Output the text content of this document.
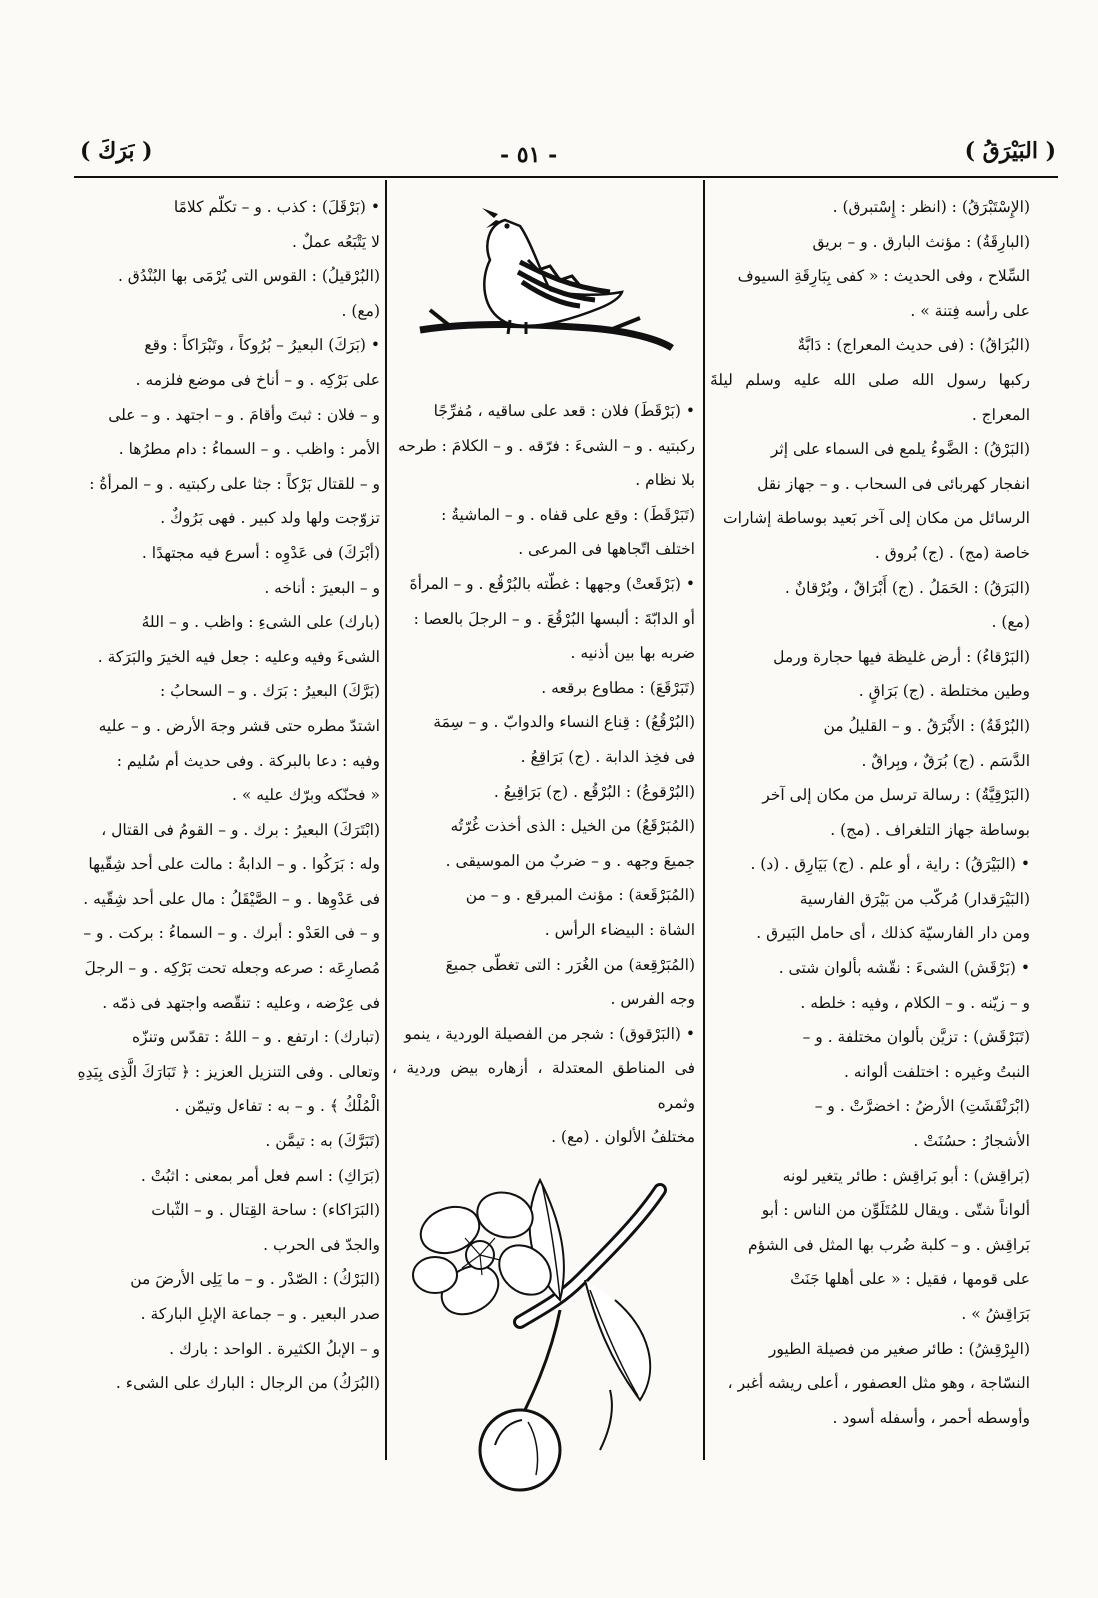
( البَيْرَقُ )
- ٥١ -
( بَرَكَ )

(الإِسْتَبْرَقُ) : (انظر : إِسْتبرق) .

(البارِقَةُ) : مؤنث البارق . و – بريق

السِّلاح ، وفى الحديث : « كفى بِبَارِقَةِ السيوف

على رأسه فِتنة » .

(البُرَاقُ) : (فى حديث المعراج) : دَابَّةٌ

ركبها رسول الله صلى الله عليه وسلم ليلةَ المعراج .

(البَرْقُ) : الضَّوءُ يلمع فى السماء على إثر

انفجار كهربائى فى السحاب . و – جهاز نقل

الرسائل من مكان إلى آخر بَعيد بوساطة إشارات

خاصة (مج) . (ج) بُروق .

(البَرَقُ) : الحَمَلُ . (ج) أَبْرَاقٌ ، وبُرْقانٌ .

(مع) .

(البَرْقاءُ) : أرض غليظة فيها حجارة ورمل

وطين مختلطة . (ج) بَرَاقٍ .

(البُرْقَةُ) : الأَبْرَقُ . و – القليلُ من

الدَّسَم . (ج) بُرَقٌ ، وبِراقٌ .

(البَرْقِيَّةُ) : رسالة ترسل من مكان إلى آخر

بوساطة جهاز التلغراف . (مج) .

• (البَيْرَقُ) : راية ، أو علم . (ج) بَيَارِق . (د) .

(البَيْرَقدار) مُركّب من بَيْرَق الفارسية

ومن دار الفارسيّة كذلك ، أى حامل البَيرق .

• (بَرْقَش) الشىءَ : نقّشه بألوان شتى .

و – زيّنه . و – الكلام ، وفيه : خلطه .

(تَبَرْقَش) : تزيَّن بألوان مختلفة . و –

النبتُ وغيره : اختلفت ألوانه .

(ابْرَنْقَشَتِ) الأرضُ : اخضرَّتْ . و –

الأشجارُ : حسُنَتْ .

(بَراقِش) : أبو بَراقِش : طائر يتغير لونه

ألواناً شتّى . ويقال للمُتَلَوِّن من الناس : أبو

بَراقِش . و – كلبة ضُرب بها المثل فى الشؤم

على قومها ، فقيل : « على أهلها جَنَتْ

بَرَاقِشُ » .

(البِرْقِشُ) : طائر صغير من فصيلة الطيور

النسّاجة ، وهو مثل العصفور ، أعلى ريشه أغبر ،

وأوسطه أحمر ، وأسفله أسود .

• (بَرْقَطَ) فلان : قعد على ساقيه ، مُفرِّجًا

ركبتيه . و – الشىءَ : فرّقه . و – الكلامَ : طرحه

بلا نظام .

(تَبَرْقَطَ) : وقع على قفاه . و – الماشيةُ :

اختلف اتّجاهها فى المرعى .

• (بَرْقَعتْ) وجهها : غطّته بالبُرْقُع . و – المرأةَ

أو الدابّةَ : ألبسها البُرْقُعَ . و – الرجلَ بالعصا :

ضربه بها بين أذنيه .

(تَبَرْقَعَ) : مطاوع برقعه .

(البُرْقُعُ) : قِناع النساء والدوابّ . و – سِمَة

فى فخِذ الدابة . (ج) بَرَاقِعُ .

(البُرْقوعُ) : البُرْقُع . (ج) بَرَاقِيعُ .

(المُبَرْقَعُ) من الخيل : الذى أخذت غُرّتُه

جميعَ وجهه . و – ضربٌ من الموسيقى .

(المُبَرْقَعة) : مؤنث المبرقع . و – من

الشاة : البيضاء الرأس .

(المُبَرْقِعة) من الغُرَر : التى تغطّى جميعَ

وجه الفرس .

• (البَرْقوق) : شجر من الفصيلة الوردية ، ينمو

فى المناطق المعتدلة ، أزهاره بيض وردية ، وثمره

مختلفُ الألوان . (مع) .

• (بَرْقَلَ) : كذب . و – تكلّم كلامًا

لا يَتْبَعُه عملٌ .

(البُرْقيلُ) : القوس التى يُرْمَى بها البُنْدُق .

(مع) .

• (بَرَكَ) البعيرُ – بُرُوكاً ، وتَبْرَاكاً : وقع

على بَرْكِه . و – أناخ فى موضع فلزمه .

و – فلان : ثبتَ وأقامَ . و – اجتهد . و – على

الأمر : واظب . و – السماءُ : دام مطرُها .

و – للقتال بَرْكاً : جثا على ركبتيه . و – المرأةُ :

تزوّجت ولها ولد كبير . فهى بَرُوكٌ .

(أبْرَكَ) فى عَدْوِه : أسرع فيه مجتهدًا .

و – البعيرَ : أناخه .

(بارك) على الشىءِ : واظب . و – اللهُ

الشىءَ وفيه وعليه : جعل فيه الخيرَ والبَرَكة .

(بَرَّكَ) البعيرُ : بَرَك . و – السحابُ :

اشتدّ مطره حتى قشر وجهَ الأرض . و – عليه

وفيه : دعا بالبركة . وفى حديث أم سُليم :

« فحنّكه وبرّك عليه » .

(ابْتَرَكَ) البعيرُ : برك . و – القومُ فى القتال ،

وله : بَرَكُوا . و – الدابةُ : مالت على أحد شِقّيها

فى عَدْوِها . و – الصَّيْقَلُ : مال على أحد شِقّيه .

و – فى العَدْو : أبرك . و – السماءُ : بركت . و –

مُصارِعَه : صرعه وجعله تحت بَرْكِه . و – الرجلَ

فى عِرْضه ، وعليه : تنقّصه واجتهد فى ذمّه .

(تبارك) : ارتفع . و – اللهُ : تقدّس وتنزّه

وتعالى . وفى التنزيل العزيز : ﴿ تَبَارَكَ الَّذِى بِيَدِهِ

الْمُلْكُ ﴾ . و – به : تفاءل وتيمّن .

(تَبَرَّكَ) به : تيمَّن .

(بَرَاكِ) : اسم فعل أمر بمعنى : اثبُتْ .

(البَرَاكاء) : ساحة القِتال . و – الثّبات

والجدّ فى الحرب .

(البَرْكُ) : الصّدْر . و – ما يَلِى الأرضَ من

صدر البعير . و – جماعة الإبلِ الباركة .

و – الإبلُ الكثيرة . الواحد : بارك .

(البُرَكُ) من الرجال : البارك على الشىء .
